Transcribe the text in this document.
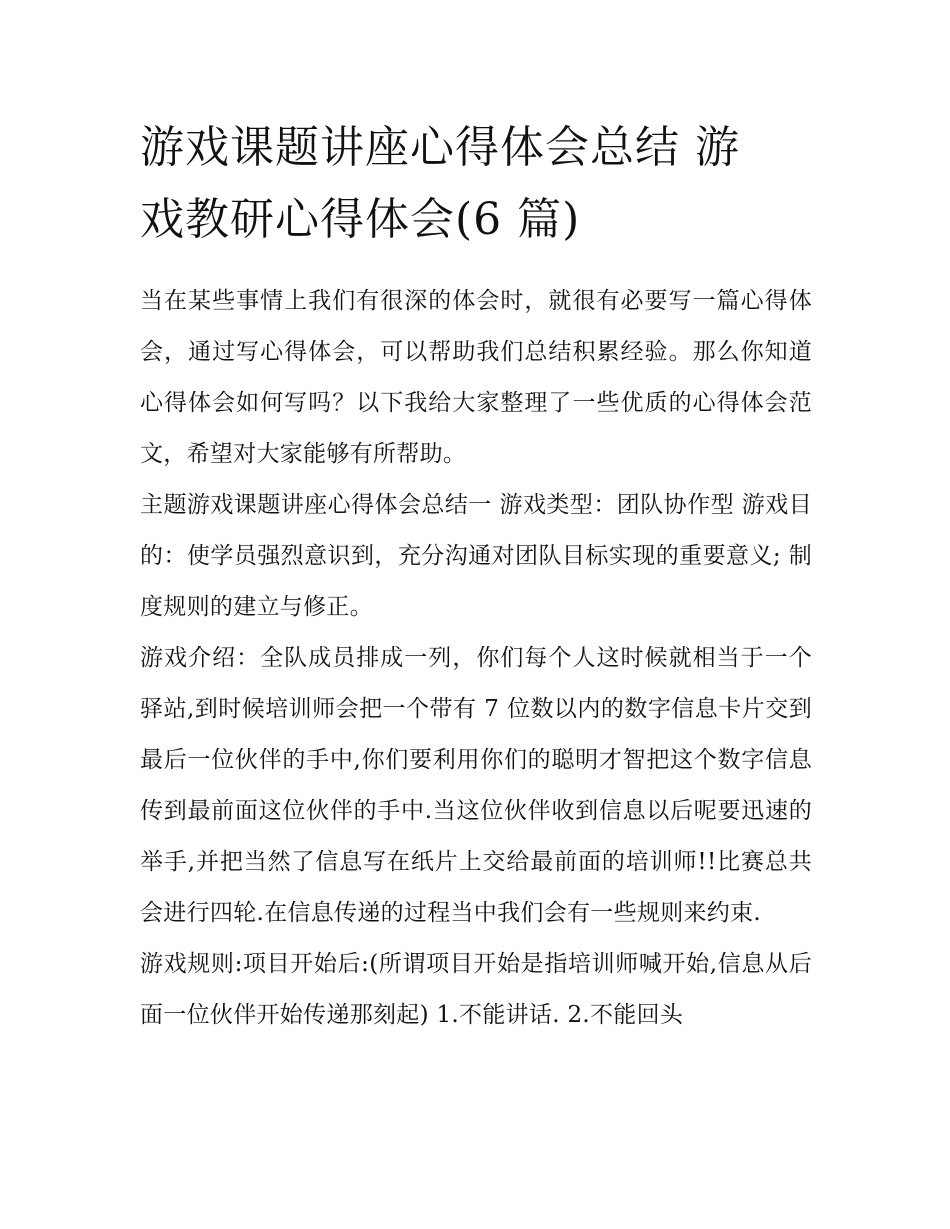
游戏课题讲座心得体会总结 游
戏教研心得体会(6 篇)

当在某些事情上我们有很深的体会时，就很有必要写一篇心得体会，通过写心得体会，可以帮助我们总结积累经验。那么你知道心得体会如何写吗？以下我给大家整理了一些优质的心得体会范文，希望对大家能够有所帮助。

主题游戏课题讲座心得体会总结一 游戏类型：团队协作型 游戏目的：使学员强烈意识到，充分沟通对团队目标实现的重要意义; 制度规则的建立与修正。

游戏介绍：全队成员排成一列，你们每个人这时候就相当于一个驿站,到时候培训师会把一个带有 7 位数以内的数字信息卡片交到最后一位伙伴的手中,你们要利用你们的聪明才智把这个数字信息传到最前面这位伙伴的手中.当这位伙伴收到信息以后呢要迅速的举手,并把当然了信息写在纸片上交给最前面的培训师!!比赛总共会进行四轮.在信息传递的过程当中我们会有一些规则来约束.

游戏规则:项目开始后:(所谓项目开始是指培训师喊开始,信息从后面一位伙伴开始传递那刻起) 1.不能讲话. 2.不能回头
